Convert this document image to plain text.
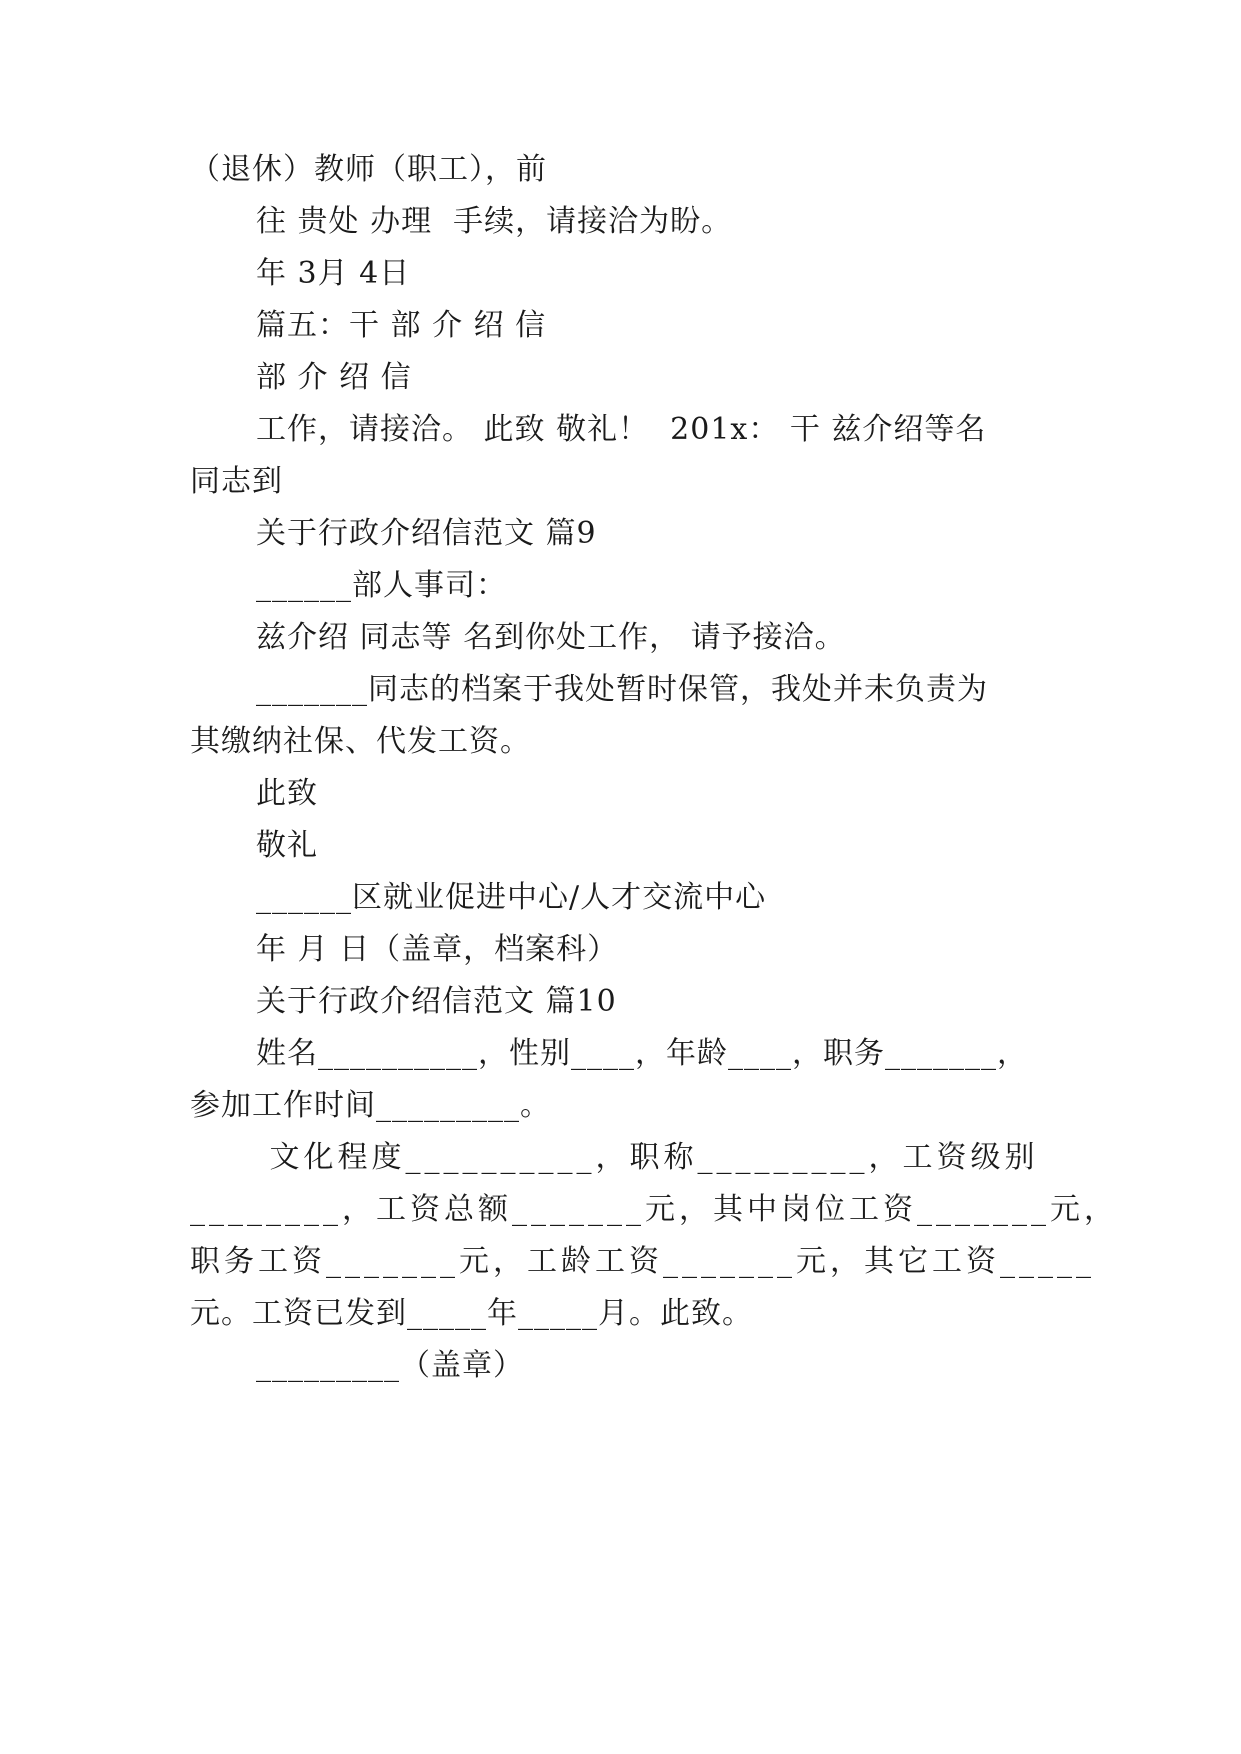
（退休）教师（职工），前
往 贵处 办理  手续，请接洽为盼。
年 3月 4日
篇五：干 部 介 绍 信
部 介 绍 信
工作，请接洽。 此致 敬礼！  201x： 干 兹介绍等名
同志到
关于行政介绍信范文 篇9
______部人事司：
兹介绍 同志等 名到你处工作， 请予接洽。
_______同志的档案于我处暂时保管，我处并未负责为
其缴纳社保、代发工资。
此致
敬礼
______区就业促进中心/人才交流中心
年 月 日（盖章，档案科）
关于行政介绍信范文 篇10
姓名__________，性别____，年龄____，职务_______，
参加工作时间_________。
文化程度__________，职称_________，工资级别
________，工资总额_______元，其中岗位工资_______元，
职务工资_______元，工龄工资_______元，其它工资_____
元。工资已发到_____年_____月。此致。
_________（盖章）
